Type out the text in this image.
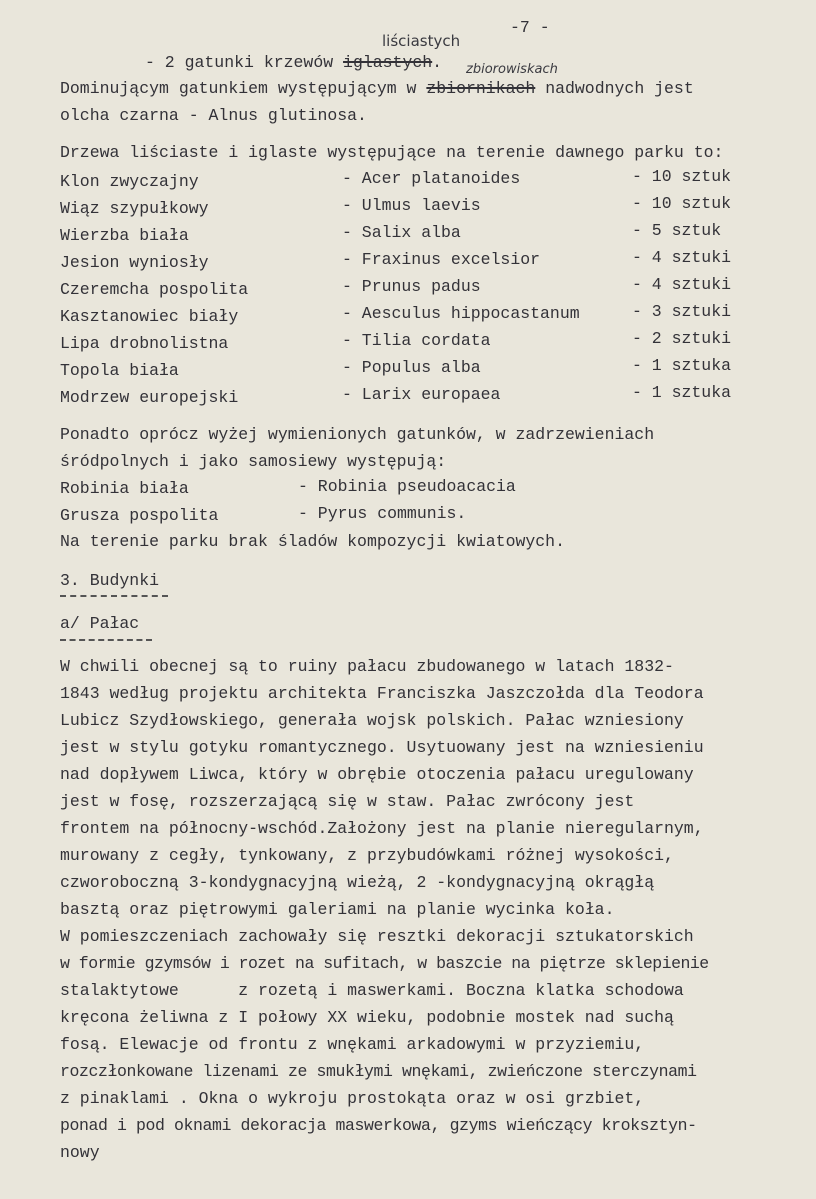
-7 -
liściastych
zbiorowiskach
- 2 gatunki krzewów iglastych.
Dominującym gatunkiem występującym w zbiornikach nadwodnych jest
olcha czarna - Alnus glutinosa.
Drzewa liściaste i iglaste występujące na terenie dawnego parku to:
Klon zwyczajny	- Acer platanoides	- 10 sztuk
Wiąz szypułkowy	- Ulmus laevis	- 10 sztuk
Wierzba biała	- Salix alba	- 5 sztuk
Jesion wyniosły	- Fraxinus excelsior	- 4 sztuki
Czeremcha pospolita	- Prunus padus	- 4 sztuki
Kasztanowiec biały	- Aesculus hippocastanum	- 3 sztuki
Lipa drobnolistna	- Tilia cordata	- 2 sztuki
Topola biała	- Populus alba	- 1 sztuka
Modrzew europejski	- Larix europaea	- 1 sztuka
Ponadto oprócz wyżej wymienionych gatunków, w zadrzewieniach
śródpolnych i jako samosiewy występują:
Robinia biała	- Robinia pseudoacacia
Grusza pospolita	- Pyrus communis.
Na terenie parku brak śladów kompozycji kwiatowych.
3. Budynki
a/ Pałac
W chwili obecnej są to ruiny pałacu zbudowanego w latach 1832-
1843 według projektu architekta Franciszka Jaszczołda dla Teodora
Lubicz Szydłowskiego, generała wojsk polskich. Pałac wzniesiony
jest w stylu gotyku romantycznego. Usytuowany jest na wzniesieniu
nad dopływem Liwca, który w obrębie otoczenia pałacu uregulowany
jest w fosę, rozszerzającą się w staw. Pałac zwrócony jest
frontem na północny-wschód.Założony jest na planie nieregularnym,
murowany z cegły, tynkowany, z przybudówkami różnej wysokości,
czworoboczną 3-kondygnacyjną wieżą, 2 -kondygnacyjną okrągłą
basztą oraz piętrowymi galeriami na planie wycinka koła.
W pomieszczeniach zachowały się resztki dekoracji sztukatorskich
w formie gzymsów i rozet na sufitach, w baszcie na piętrze sklepienie
stalaktytowe      z rozetą i maswerkami. Boczna klatka schodowa
kręcona żeliwna z I połowy XX wieku, podobnie mostek nad suchą
fosą. Elewacje od frontu z wnękami arkadowymi w przyziemiu,
rozczłonkowane lizenami ze smukłymi wnękami, zwieńczone sterczynami
z pinaklami . Okna o wykroju prostokąta oraz w osi grzbiet,
ponad i pod oknami dekoracja maswerkowa, gzyms wieńczący kroksztyn-
nowy
